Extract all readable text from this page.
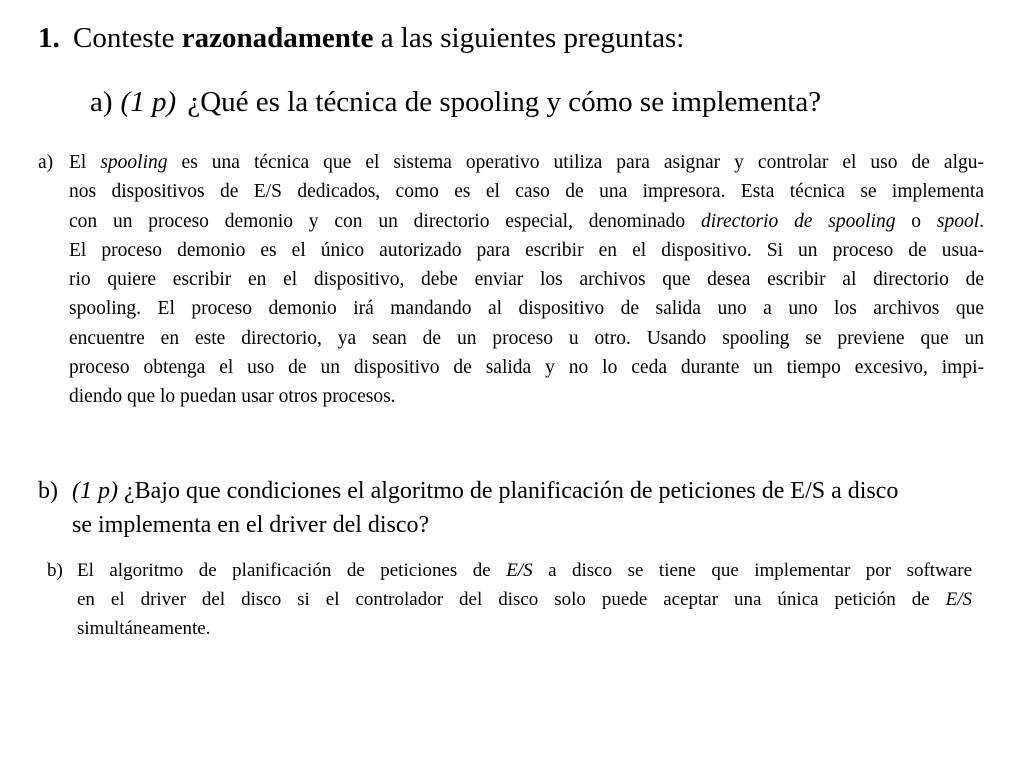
1. Conteste razonadamente a las siguientes preguntas:
a) (1 p) ¿Qué es la técnica de spooling y cómo se implementa?
a) El spooling es una técnica que el sistema operativo utiliza para asignar y controlar el uso de algu-
nos dispositivos de E/S dedicados, como es el caso de una impresora. Esta técnica se implementa
con un proceso demonio y con un directorio especial, denominado directorio de spooling o spool.
El proceso demonio es el único autorizado para escribir en el dispositivo. Si un proceso de usua-
rio quiere escribir en el dispositivo, debe enviar los archivos que desea escribir al directorio de
spooling. El proceso demonio irá mandando al dispositivo de salida uno a uno los archivos que
encuentre en este directorio, ya sean de un proceso u otro. Usando spooling se previene que un
proceso obtenga el uso de un dispositivo de salida y no lo ceda durante un tiempo excesivo, impi-
diendo que lo puedan usar otros procesos.
b) (1 p) ¿Bajo que condiciones el algoritmo de planificación de peticiones de E/S a disco
se implementa en el driver del disco?
b) El algoritmo de planificación de peticiones de E/S a disco se tiene que implementar por software
en el driver del disco si el controlador del disco solo puede aceptar una única petición de E/S
simultáneamente.
